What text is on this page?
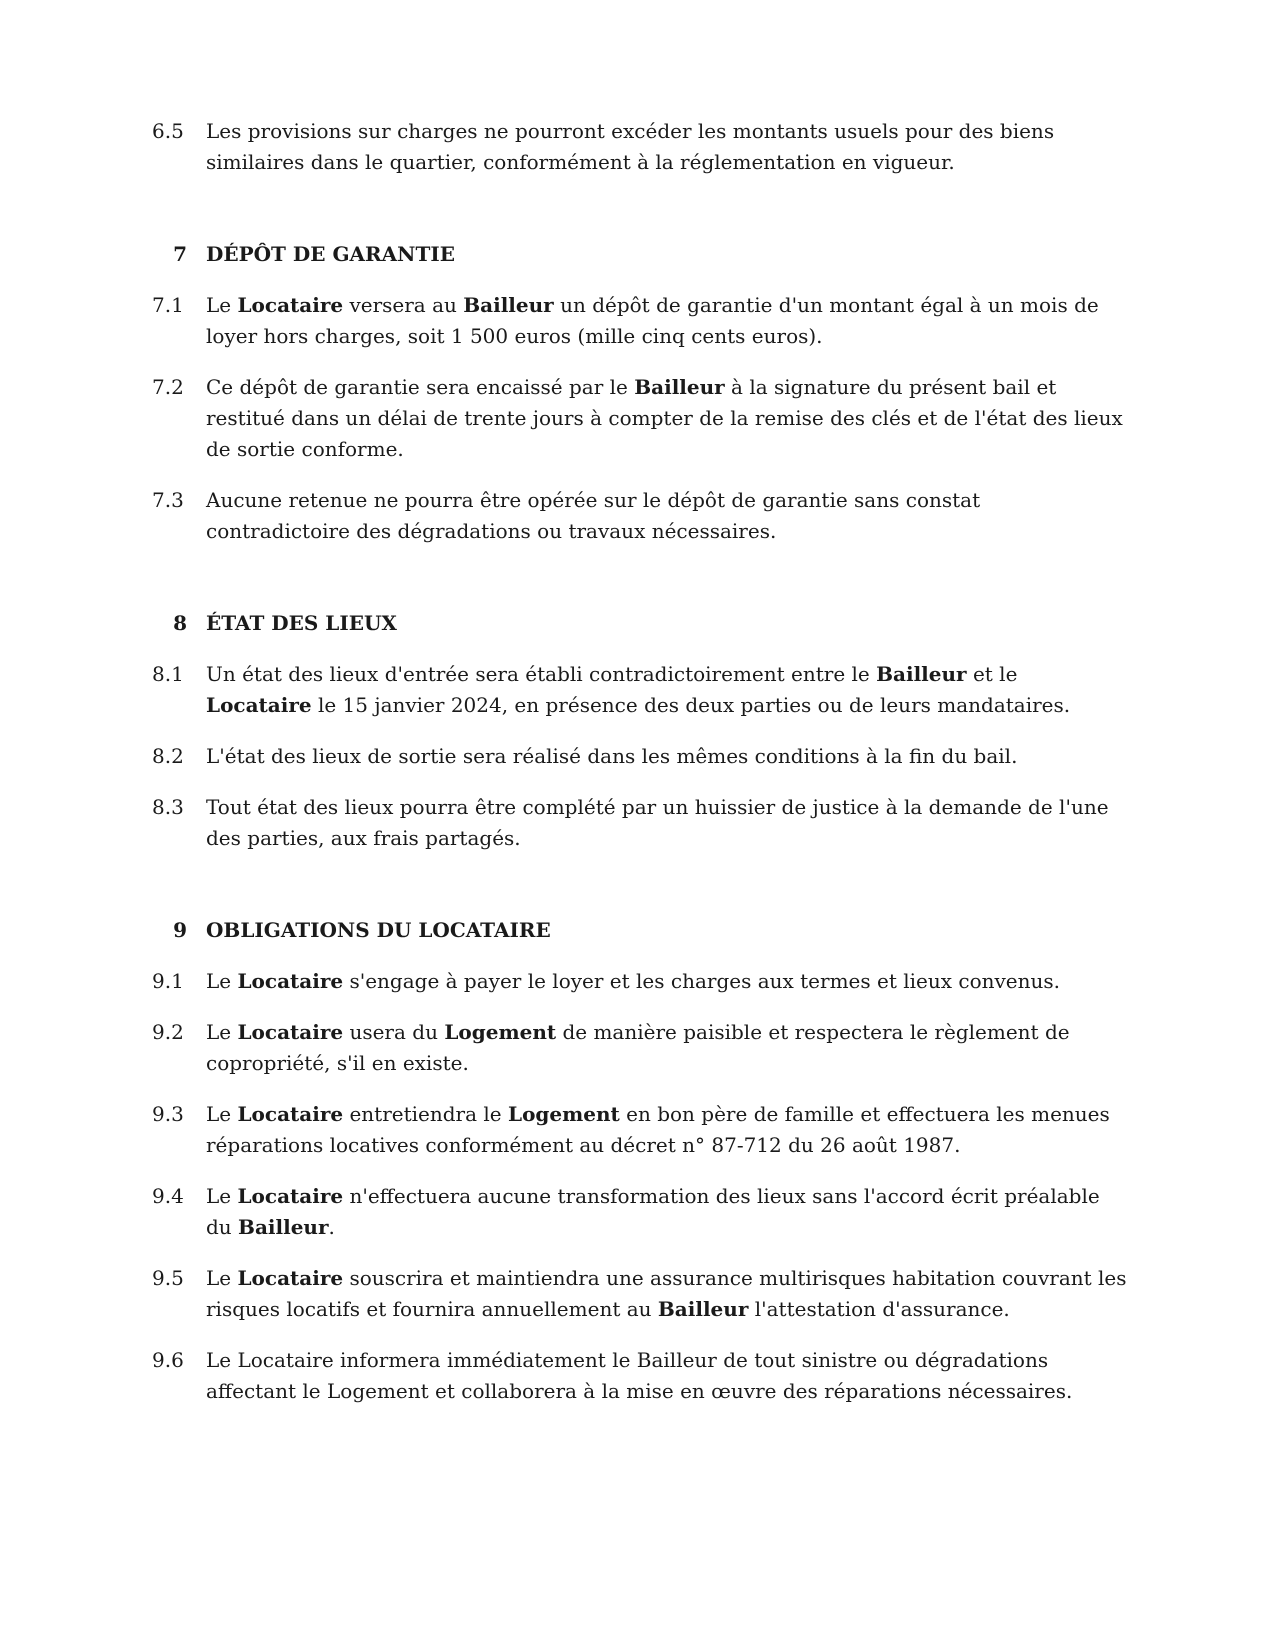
6.5	Les provisions sur charges ne pourront excéder les montants usuels pour des biens similaires dans le quartier, conformément à la réglementation en vigueur.
7 DÉPÔT DE GARANTIE
7.1	Le Locataire versera au Bailleur un dépôt de garantie d'un montant égal à un mois de loyer hors charges, soit 1 500 euros (mille cinq cents euros).
7.2	Ce dépôt de garantie sera encaissé par le Bailleur à la signature du présent bail et restitué dans un délai de trente jours à compter de la remise des clés et de l'état des lieux de sortie conforme.
7.3	Aucune retenue ne pourra être opérée sur le dépôt de garantie sans constat contradictoire des dégradations ou travaux nécessaires.
8 ÉTAT DES LIEUX
8.1	Un état des lieux d'entrée sera établi contradictoirement entre le Bailleur et le Locataire le 15 janvier 2024, en présence des deux parties ou de leurs mandataires.
8.2	L'état des lieux de sortie sera réalisé dans les mêmes conditions à la fin du bail.
8.3	Tout état des lieux pourra être complété par un huissier de justice à la demande de l'une des parties, aux frais partagés.
9 OBLIGATIONS DU LOCATAIRE
9.1	Le Locataire s'engage à payer le loyer et les charges aux termes et lieux convenus.
9.2	Le Locataire usera du Logement de manière paisible et respectera le règlement de copropriété, s'il en existe.
9.3	Le Locataire entretiendra le Logement en bon père de famille et effectuera les menues réparations locatives conformément au décret n° 87-712 du 26 août 1987.
9.4	Le Locataire n'effectuera aucune transformation des lieux sans l'accord écrit préalable du Bailleur.
9.5	Le Locataire souscrira et maintiendra une assurance multirisques habitation couvrant les risques locatifs et fournira annuellement au Bailleur l'attestation d'assurance.
9.6	Le Locataire informera immédiatement le Bailleur de tout sinistre ou dégradations affectant le Logement et collaborera à la mise en œuvre des réparations nécessaires.
